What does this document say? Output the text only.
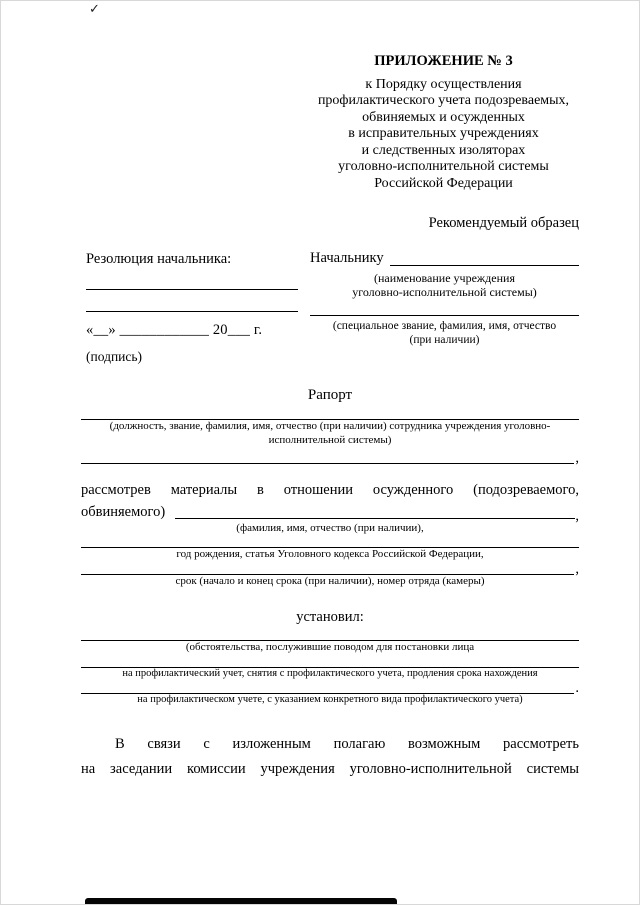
✓
ПРИЛОЖЕНИЕ № 3
к Порядку осуществления
профилактического учета подозреваемых,
обвиняемых и осужденных
в исправительных учреждениях
и следственных изоляторах
уголовно-исполнительной системы
Российской Федерации
Рекомендуемый образец
Резолюция начальника:
«__» ____________ 20___ г.
(подпись)
Начальнику
(наименование учреждения
уголовно-исполнительной системы)
(специальное звание, фамилия, имя, отчество
(при наличии)
Рапорт
(должность, звание, фамилия, имя, отчество (при наличии) сотрудника учреждения уголовно-
исполнительной системы)
,
рассмотрев материалы в отношении осужденного (подозреваемого,
обвиняемого)	,
(фамилия, имя, отчество (при наличии),
год рождения, статья Уголовного кодекса Российской Федерации,
,
срок (начало и конец срока (при наличии), номер отряда (камеры)
установил:
(обстоятельства, послужившие поводом для постановки лица
на профилактический учет, снятия с профилактического учета, продления срока нахождения
.
на профилактическом учете, с указанием конкретного вида профилактического учета)
В связи с изложенным полагаю возможным рассмотреть
на заседании комиссии учреждения уголовно-исполнительной системы
